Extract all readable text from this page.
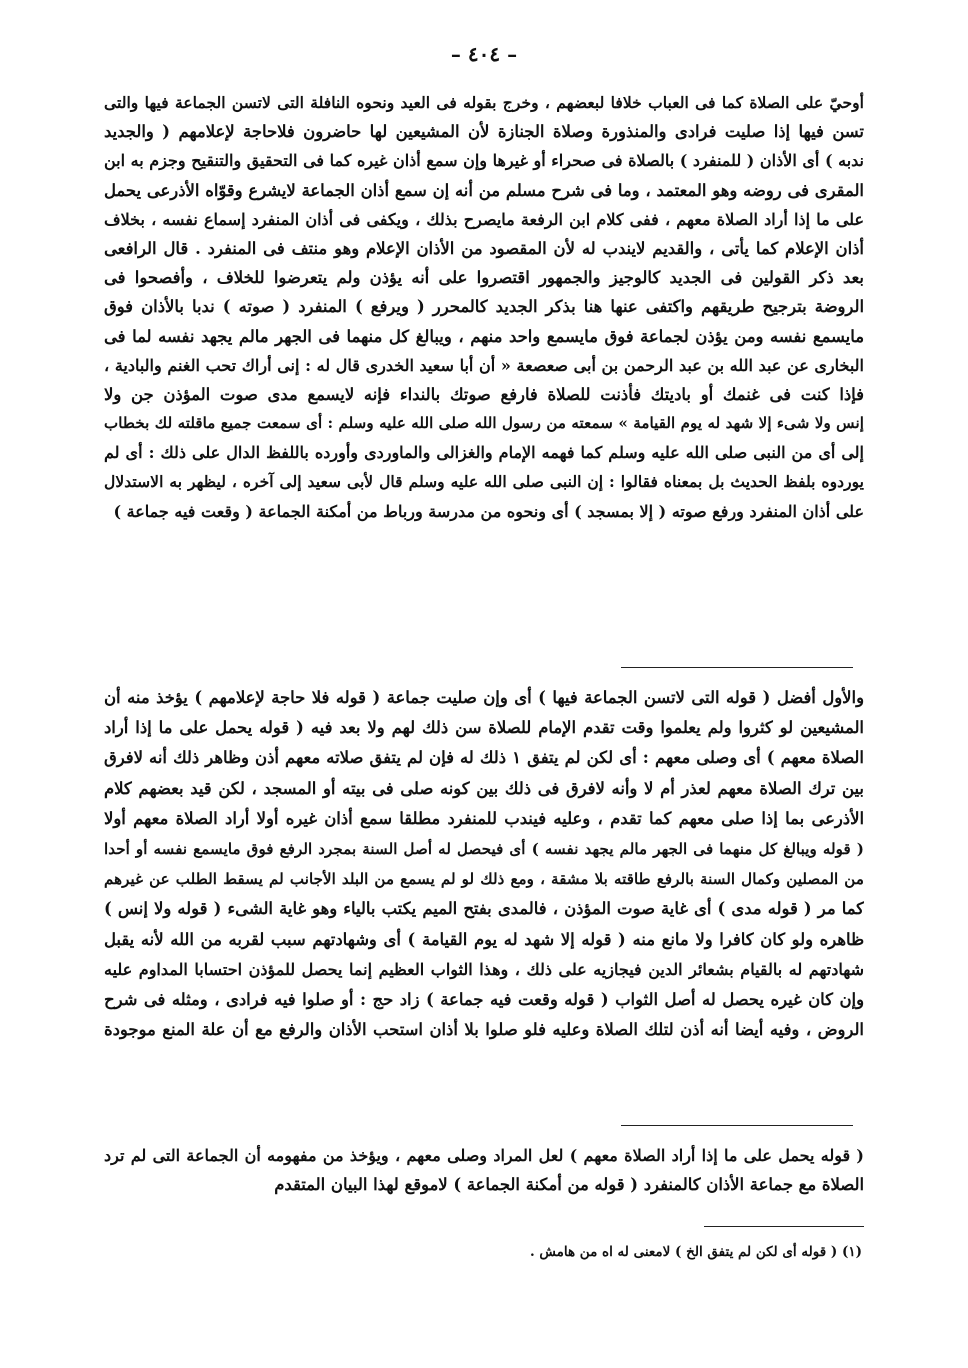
– ٤٠٤ –
أوحيّ على الصلاة كما فى العباب خلافا لبعضهم ، وخرج بقوله فى العيد ونحوه النافلة التى لاتسن الجماعة فيها والتى
تسن فيها إذا صليت فرادى والمنذورة وصلاة الجنازة لأن المشيعين لها حاضرون فلاحاجة لإعلامهم ( والجديد
ندبه ) أى الأذان ( للمنفرد ) بالصلاة فى صحراء أو غيرها وإن سمع أذان غيره كما فى التحقيق والتنقيح وجزم به ابن
المقرى فى روضه وهو المعتمد ، وما فى شرح مسلم من أنه إن سمع أذان الجماعة لايشرع وقوّاه الأذرعى يحمل
على ما إذا أراد الصلاة معهم ، ففى كلام ابن الرفعة مايصرح بذلك ، ويكفى فى أذان المنفرد إسماع نفسه ، بخلاف
أذان الإعلام كما يأتى ، والقديم لايندب له لأن المقصود من الأذان الإعلام وهو منتف فى المنفرد . قال الرافعى
بعد ذكر القولين فى الجديد كالوجيز والجمهور اقتصروا على أنه يؤذن ولم يتعرضوا للخلاف ، وأفصحوا فى
الروضة بترجيح طريقهم واكتفى عنها هنا بذكر الجديد كالمحرر ( ويرفع ) المنفرد ( صوته ) ندبا بالأذان فوق
مايسمع نفسه ومن يؤذن لجماعة فوق مايسمع واحد منهم ، ويبالغ كل منهما فى الجهر مالم يجهد نفسه لما فى
البخارى عن عبد الله بن عبد الرحمن بن أبى صعصعة « أن أبا سعيد الخدرى قال له : إنى أراك تحب الغنم والبادية ،
فإذا كنت فى غنمك أو باديتك فأذنت للصلاة فارفع صوتك بالنداء فإنه لايسمع مدى صوت المؤذن جن ولا
إنس ولا شىء إلا شهد له يوم القيامة » سمعته من رسول الله صلى الله عليه وسلم : أى سمعت جميع ماقلته لك بخطاب
إلى أى من النبى صلى الله عليه وسلم كما فهمه الإمام والغزالى والماوردى وأورده باللفظ الدال على ذلك : أى لم
يوردوه بلفظ الحديث بل بمعناه فقالوا : إن النبى صلى الله عليه وسلم قال لأبى سعيد إلى آخره ، ليظهر به الاستدلال
على أذان المنفرد ورفع صوته ( إلا بمسجد ) أى ونحوه من مدرسة ورباط من أمكنة الجماعة ( وقعت فيه جماعة )
والأول أفضل ( قوله التى لاتسن الجماعة فيها ) أى وإن صليت جماعة ( قوله فلا حاجة لإعلامهم ) يؤخذ منه أن
المشيعين لو كثروا ولم يعلموا وقت تقدم الإمام للصلاة سن ذلك لهم ولا بعد فيه ( قوله يحمل على ما إذا أراد
الصلاة معهم ) أى وصلى معهم : أى لكن لم يتفق ١ ذلك له فإن لم يتفق صلاته معهم أذن وظاهر ذلك أنه لافرق
بين ترك الصلاة معهم لعذر أم لا وأنه لافرق فى ذلك بين كونه صلى فى بيته أو المسجد ، لكن قيد بعضهم كلام
الأذرعى بما إذا صلى معهم كما تقدم ، وعليه فيندب للمنفرد مطلقا سمع أذان غيره أولا أراد الصلاة معهم أولا
( قوله ويبالغ كل منهما فى الجهر مالم يجهد نفسه ) أى فيحصل له أصل السنة بمجرد الرفع فوق مايسمع نفسه أو أحدا
من المصلين وكمال السنة بالرفع طاقته بلا مشقة ، ومع ذلك لو لم يسمع من البلد الأجانب لم يسقط الطلب عن غيرهم
كما مر ( قوله مدى ) أى غاية صوت المؤذن ، فالمدى بفتح الميم يكتب بالياء وهو غاية الشىء ( قوله ولا إنس )
ظاهره ولو كان كافرا ولا مانع منه ( قوله إلا شهد له يوم القيامة ) أى وشهادتهم سبب لقربه من الله لأنه يقبل
شهادتهم له بالقيام بشعائر الدين فيجازيه على ذلك ، وهذا الثواب العظيم إنما يحصل للمؤذن احتسابا المداوم عليه
وإن كان غيره يحصل له أصل الثواب ( قوله وقعت فيه جماعة ) زاد حج : أو صلوا فيه فرادى ، ومثله فى شرح
الروض ، وفيه أيضا أنه أذن لتلك الصلاة وعليه فلو صلوا بلا أذان استحب الأذان والرفع مع أن علة المنع موجودة
( قوله يحمل على ما إذا أراد الصلاة معهم ) لعل المراد وصلى معهم ، ويؤخذ من مفهومه أن الجماعة التى لم ترد
الصلاة مع جماعة الأذان كالمنفرد ( قوله من أمكنة الجماعة ) لاموقع لهذا البيان المتقدم
(١) ( قوله أى لكن لم يتفق الخ ) لامعنى له اه من هامش .
